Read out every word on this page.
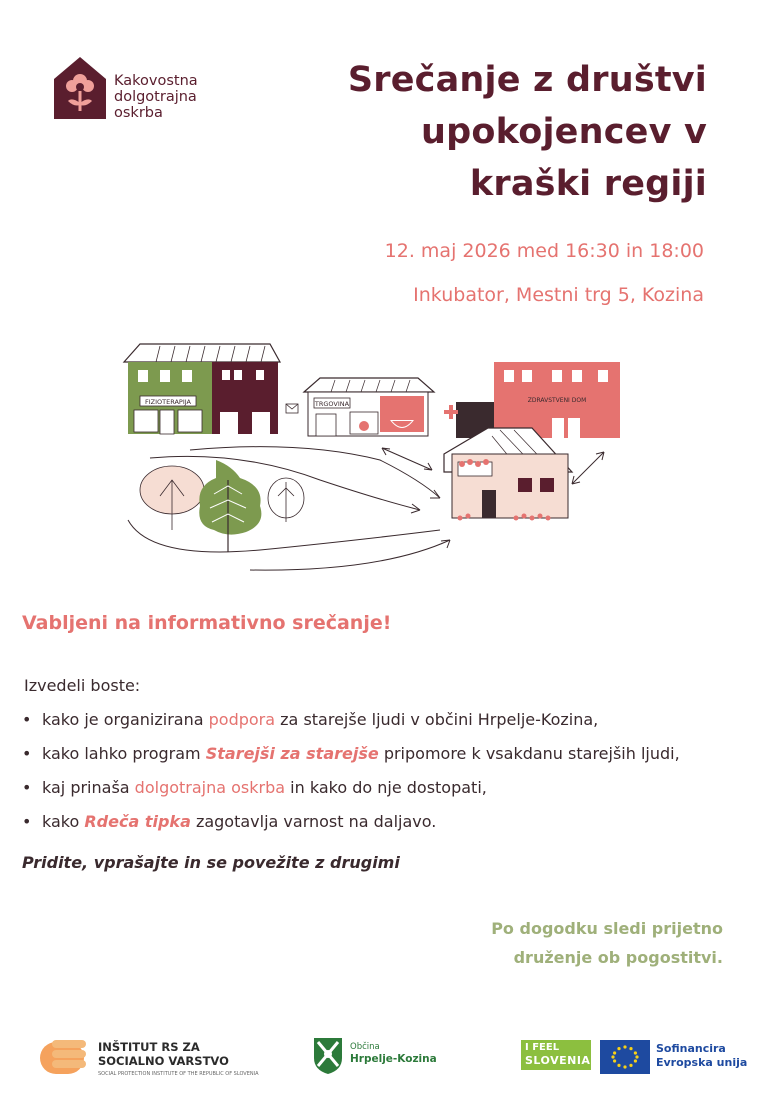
Kakovostna
dolgotrajna
oskrba
Srečanje z društvi
upokojencev v
kraški regiji
12. maj 2026 med 16:30 in 18:00
Inkubator, Mestni trg 5, Kozina
FIZIOTERAPIJA	TRGOVINA	ZDRAVSTVENI DOM
Vabljeni na informativno srečanje!
Izvedeli boste:
• kako je organizirana podpora za starejše ljudi v občini Hrpelje-Kozina,
• kako lahko program Starejši za starejše pripomore k vsakdanu starejših ljudi,
• kaj prinaša dolgotrajna oskrba in kako do nje dostopati,
• kako Rdeča tipka zagotavlja varnost na daljavo.
Pridite, vprašajte in se povežite z drugimi
Po dogodku sledi prijetno
druženje ob pogostitvi.
INŠTITUT RS ZA
SOCIALNO VARSTVO
SOCIAL PROTECTION INSTITUTE OF THE REPUBLIC OF SLOVENIA
Občina
Hrpelje-Kozina
I FEEL
SLOVENIA
Sofinancira
Evropska unija
